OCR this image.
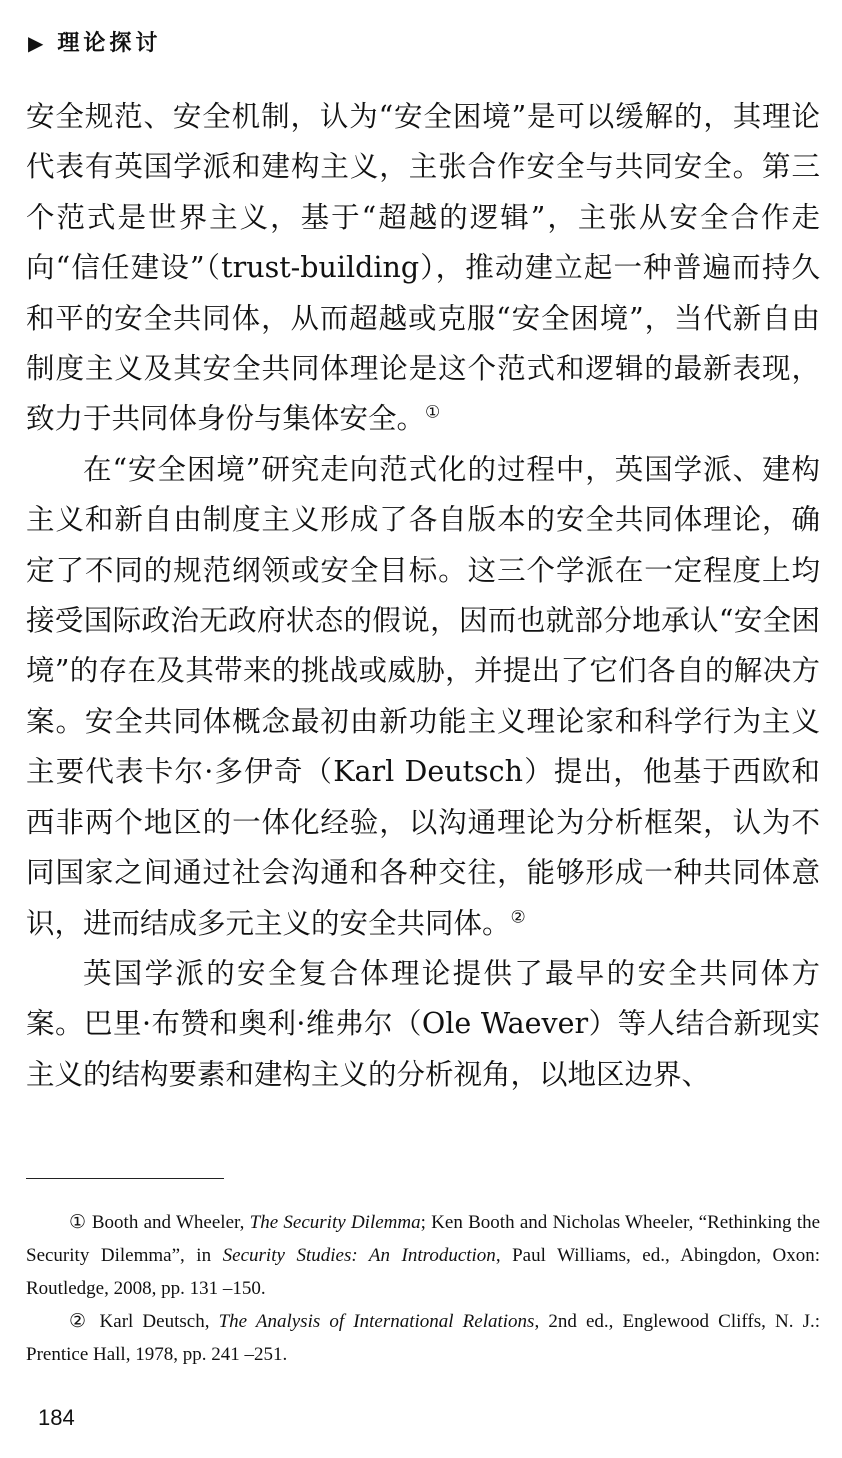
▶ 理论探讨

安全规范、安全机制，认为“安全困境”是可以缓解的，其理论代表有英国学派和建构主义，主张合作安全与共同安全。第三个范式是世界主义，基于“超越的逻辑”，主张从安全合作走向“信任建设”（trust-building），推动建立起一种普遍而持久和平的安全共同体，从而超越或克服“安全困境”，当代新自由制度主义及其安全共同体理论是这个范式和逻辑的最新表现，致力于共同体身份与集体安全。①

在“安全困境”研究走向范式化的过程中，英国学派、建构主义和新自由制度主义形成了各自版本的安全共同体理论，确定了不同的规范纲领或安全目标。这三个学派在一定程度上均接受国际政治无政府状态的假说，因而也就部分地承认“安全困境”的存在及其带来的挑战或威胁，并提出了它们各自的解决方案。安全共同体概念最初由新功能主义理论家和科学行为主义主要代表卡尔·多伊奇（Karl Deutsch）提出，他基于西欧和西非两个地区的一体化经验，以沟通理论为分析框架，认为不同国家之间通过社会沟通和各种交往，能够形成一种共同体意识，进而结成多元主义的安全共同体。②

英国学派的安全复合体理论提供了最早的安全共同体方案。巴里·布赞和奥利·维弗尔（Ole Waever）等人结合新现实主义的结构要素和建构主义的分析视角，以地区边界、

① Booth and Wheeler, The Security Dilemma; Ken Booth and Nicholas Wheeler, “Rethinking the Security Dilemma”, in Security Studies: An Introduction, Paul Williams, ed., Abingdon, Oxon: Routledge, 2008, pp. 131 –150.

② Karl Deutsch, The Analysis of International Relations, 2nd ed., Englewood Cliffs, N. J.: Prentice Hall, 1978, pp. 241 –251.

184
